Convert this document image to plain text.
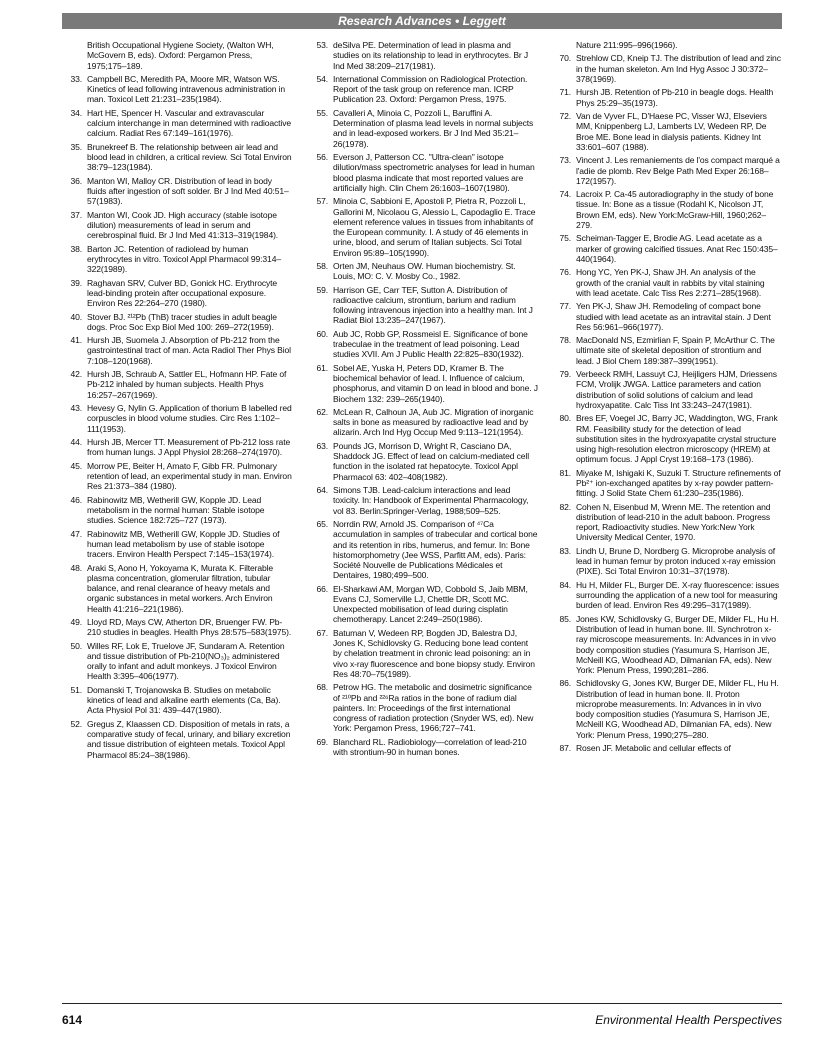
Research Advances • Leggett
British Occupational Hygiene Society, (Walton WH, McGovern B, eds). Oxford: Pergamon Press, 1975;175–189.
33. Campbell BC, Meredith PA, Moore MR, Watson WS. Kinetics of lead following intravenous administration in man. Toxicol Lett 21:231–235(1984).
34. Hart HE, Spencer H. Vascular and extravascular calcium interchange in man determined with radioactive calcium. Radiat Res 67:149–161(1976).
35. Brunekreef B. The relationship between air lead and blood lead in children, a critical review. Sci Total Environ 38:79–123(1984).
36. Manton WI, Malloy CR. Distribution of lead in body fluids after ingestion of soft solder. Br J Ind Med 40:51–57(1983).
37. Manton WI, Cook JD. High accuracy (stable isotope dilution) measurements of lead in serum and cerebrospinal fluid. Br J Ind Med 41:313–319(1984).
38. Barton JC. Retention of radiolead by human erythrocytes in vitro. Toxicol Appl Pharmacol 99:314–322(1989).
39. Raghavan SRV, Culver BD, Gonick HC. Erythrocyte lead-binding protein after occupational exposure. Environ Res 22:264–270 (1980).
40. Stover BJ. ²¹²Pb (ThB) tracer studies in adult beagle dogs. Proc Soc Exp Biol Med 100: 269–272(1959).
41. Hursh JB, Suomela J. Absorption of Pb-212 from the gastrointestinal tract of man. Acta Radiol Ther Phys Biol 7:108–120(1968).
42. Hursh JB, Schraub A, Sattler EL, Hofmann HP. Fate of Pb-212 inhaled by human subjects. Health Phys 16:257–267(1969).
43. Hevesy G, Nylin G. Application of thorium B labelled red corpuscles in blood volume studies. Circ Res 1:102–111(1953).
44. Hursh JB, Mercer TT. Measurement of Pb-212 loss rate from human lungs. J Appl Physiol 28:268–274(1970).
45. Morrow PE, Beiter H, Amato F, Gibb FR. Pulmonary retention of lead, an experimental study in man. Environ Res 21:373–384 (1980).
46. Rabinowitz MB, Wetherill GW, Kopple JD. Lead metabolism in the normal human: Stable isotope studies. Science 182:725–727 (1973).
47. Rabinowitz MB, Wetherill GW, Kopple JD. Studies of human lead metabolism by use of stable isotope tracers. Environ Health Perspect 7:145–153(1974).
48. Araki S, Aono H, Yokoyama K, Murata K. Filterable plasma concentration, glomerular filtration, tubular balance, and renal clearance of heavy metals and organic substances in metal workers. Arch Environ Health 41:216–221(1986).
49. Lloyd RD, Mays CW, Atherton DR, Bruenger FW. Pb-210 studies in beagles. Health Phys 28:575–583(1975).
50. Willes RF, Lok E, Truelove JF, Sundaram A. Retention and tissue distribution of Pb-210(NO₃)₂ administered orally to infant and adult monkeys. J Toxicol Environ Health 3:395–406(1977).
51. Domanski T, Trojanowska B. Studies on metabolic kinetics of lead and alkaline earth elements (Ca, Ba). Acta Physiol Pol 31: 439–447(1980).
52. Gregus Z, Klaassen CD. Disposition of metals in rats, a comparative study of fecal, urinary, and biliary excretion and tissue distribution of eighteen metals. Toxicol Appl Pharmacol 85:24–38(1986).
53. deSilva PE. Determination of lead in plasma and studies on its relationship to lead in erythrocytes. Br J Ind Med 38:209–217(1981).
54. International Commission on Radiological Protection. Report of the task group on reference man. ICRP Publication 23. Oxford: Pergamon Press, 1975.
55. Cavalleri A, Minoia C, Pozzoli L, Baruffini A. Determination of plasma lead levels in normal subjects and in lead-exposed workers. Br J Ind Med 35:21–26(1978).
56. Everson J, Patterson CC. "Ultra-clean" isotope dilution/mass spectrometric analyses for lead in human blood plasma indicate that most reported values are artificially high. Clin Chem 26:1603–1607(1980).
57. Minoia C, Sabbioni E, Apostoli P, Pietra R, Pozzoli L, Gallorini M, Nicolaou G, Alessio L, Capodaglio E. Trace element reference values in tissues from inhabitants of the European community. I. A study of 46 elements in urine, blood, and serum of Italian subjects. Sci Total Environ 95:89–105(1990).
58. Orten JM, Neuhaus OW. Human biochemistry. St. Louis, MO: C. V. Mosby Co., 1982.
59. Harrison GE, Carr TEF, Sutton A. Distribution of radioactive calcium, strontium, barium and radium following intravenous injection into a healthy man. Int J Radiat Biol 13:235–247(1967).
60. Aub JC, Robb GP, Rossmeisl E. Significance of bone trabeculae in the treatment of lead poisoning. Lead studies XVII. Am J Public Health 22:825–830(1932).
61. Sobel AE, Yuska H, Peters DD, Kramer B. The biochemical behavior of lead. I. Influence of calcium, phosphorus, and vitamin D on lead in blood and bone. J Biochem 132: 239–265(1940).
62. McLean R, Calhoun JA, Aub JC. Migration of inorganic salts in bone as measured by radioactive lead and by alizarin. Arch Ind Hyg Occup Med 9:113–121(1954).
63. Pounds JG, Morrison D, Wright R, Casciano DA, Shaddock JG. Effect of lead on calcium-mediated cell function in the isolated rat hepatocyte. Toxicol Appl Pharmacol 63: 402–408(1982).
64. Simons TJB. Lead-calcium interactions and lead toxicity. In: Handbook of Experimental Pharmacology, vol 83. Berlin:Springer-Verlag, 1988;509–525.
65. Norrdin RW, Arnold JS. Comparison of ⁴⁷Ca accumulation in samples of trabecular and cortical bone and its retention in ribs, humerus, and femur. In: Bone histomorphometry (Jee WSS, Parfitt AM, eds). Paris: Société Nouvelle de Publications Médicales et Dentaires, 1980;499–500.
66. El-Sharkawi AM, Morgan WD, Cobbold S, Jaib MBM, Evans CJ, Somerville LJ, Chettle DR, Scott MC. Unexpected mobilisation of lead during cisplatin chemotherapy. Lancet 2:249–250(1986).
67. Batuman V, Wedeen RP, Bogden JD, Balestra DJ, Jones K, Schidlovsky G. Reducing bone lead content by chelation treatment in chronic lead poisoning: an in vivo x-ray fluorescence and bone biopsy study. Environ Res 48:70–75(1989).
68. Petrow HG. The metabolic and dosimetric significance of ²¹⁰Pb and ²²⁶Ra ratios in the bone of radium dial painters. In: Proceedings of the first international congress of radiation protection (Snyder WS, ed). New York: Pergamon Press, 1966;727–741.
69. Blanchard RL. Radiobiology—correlation of lead-210 with strontium-90 in human bones.
Nature 211:995–996(1966).
70. Strehlow CD, Kneip TJ. The distribution of lead and zinc in the human skeleton. Am Ind Hyg Assoc J 30:372–378(1969).
71. Hursh JB. Retention of Pb-210 in beagle dogs. Health Phys 25:29–35(1973).
72. Van de Vyver FL, D'Haese PC, Visser WJ, Elseviers MM, Knippenberg LJ, Lamberts LV, Wedeen RP, De Broe ME. Bone lead in dialysis patients. Kidney Int 33:601–607 (1988).
73. Vincent J. Les remaniements de l'os compact marqué a l'adie de plomb. Rev Belge Path Med Exper 26:168–172(1957).
74. Lacroix P. Ca-45 autoradiography in the study of bone tissue. In: Bone as a tissue (Rodahl K, Nicolson JT, Brown EM, eds). New York:McGraw-Hill, 1960;262–279.
75. Scheiman-Tagger E, Brodie AG. Lead acetate as a marker of growing calcified tissues. Anat Rec 150:435–440(1964).
76. Hong YC, Yen PK-J, Shaw JH. An analysis of the growth of the cranial vault in rabbits by vital staining with lead acetate. Calc Tiss Res 2:271–285(1968).
77. Yen PK-J, Shaw JH. Remodeling of compact bone studied with lead acetate as an intravital stain. J Dent Res 56:961–966(1977).
78. MacDonald NS, Ezmirlian F, Spain P, McArthur C. The ultimate site of skeletal deposition of strontium and lead. J Biol Chem 189:387–399(1951).
79. Verbeeck RMH, Lassuyt CJ, Heijligers HJM, Driessens FCM, Vrolijk JWGA. Lattice parameters and cation distribution of solid solutions of calcium and lead hydroxyapatite. Calc Tiss Int 33:243–247(1981).
80. Bres EF, Voegel JC, Barry JC, Waddington, WG, Frank RM. Feasibility study for the detection of lead substitution sites in the hydroxyapatite crystal structure using high-resolution electron microscopy (HREM) at optimum focus. J Appl Cryst 19:168–173 (1986).
81. Miyake M, Ishigaki K, Suzuki T. Structure refinements of Pb²⁺ ion-exchanged apatites by x-ray powder pattern-fitting. J Solid State Chem 61:230–235(1986).
82. Cohen N, Eisenbud M, Wrenn ME. The retention and distribution of lead-210 in the adult baboon. Progress report, Radioactivity studies. New York:New York University Medical Center, 1970.
83. Lindh U, Brune D, Nordberg G. Microprobe analysis of lead in human femur by proton induced x-ray emission (PIXE). Sci Total Environ 10:31–37(1978).
84. Hu H, Milder FL, Burger DE. X-ray fluorescence: issues surrounding the application of a new tool for measuring burden of lead. Environ Res 49:295–317(1989).
85. Jones KW, Schidlovsky G, Burger DE, Milder FL, Hu H. Distribution of lead in human bone. III. Synchrotron x-ray microscope measurements. In: Advances in in vivo body composition studies (Yasumura S, Harrison JE, McNeill KG, Woodhead AD, Dilmanian FA, eds). New York: Plenum Press, 1990;281–286.
86. Schidlovsky G, Jones KW, Burger DE, Milder FL, Hu H. Distribution of lead in human bone. II. Proton microprobe measurements. In: Advances in in vivo body composition studies (Yasumura S, Harrison JE, McNeill KG, Woodhead AD, Dilmanian FA, eds). New York: Plenum Press, 1990;275–280.
87. Rosen JF. Metabolic and cellular effects of
614	Environmental Health Perspectives
